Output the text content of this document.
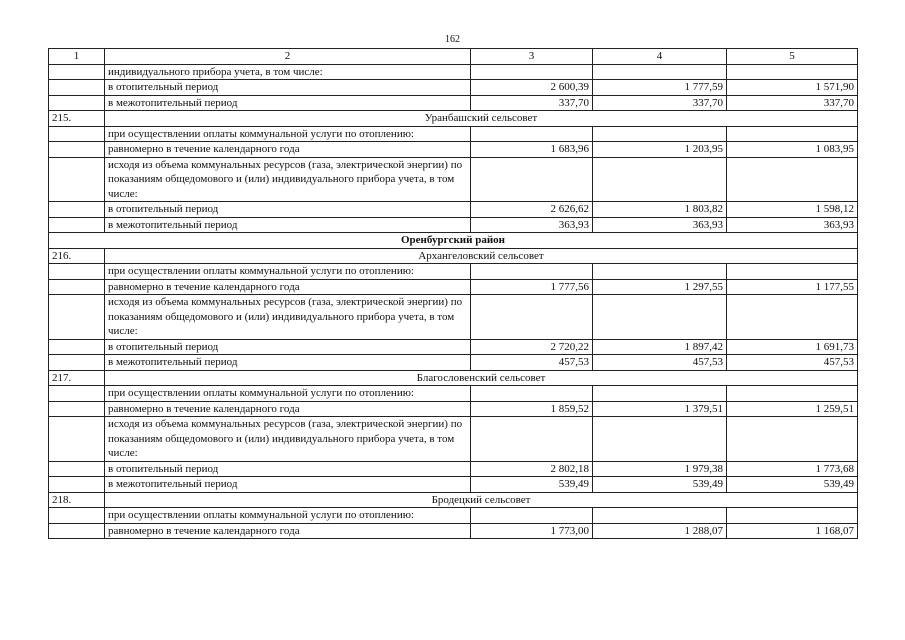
162
1	2	3	4	5
	индивидуального прибора учета, в том числе:			
	в отопительный период	2 600,39	1 777,59	1 571,90
	в межотопительный период	337,70	337,70	337,70
215.	Уранбашский сельсовет			
	при осуществлении оплаты коммунальной услуги по отоплению:			
	равномерно в течение календарного года	1 683,96	1 203,95	1 083,95
	исходя из объема коммунальных ресурсов (газа, электрической энергии) по показаниям общедомового и (или) индивидуального прибора учета, в том числе:			
	в отопительный период	2 626,62	1 803,82	1 598,12
	в межотопительный период	363,93	363,93	363,93
Оренбургский район				
216.	Архангеловский сельсовет			
	при осуществлении оплаты коммунальной услуги по отоплению:			
	равномерно в течение календарного года	1 777,56	1 297,55	1 177,55
	исходя из объема коммунальных ресурсов (газа, электрической энергии) по показаниям общедомового и (или) индивидуального прибора учета, в том числе:			
	в отопительный период	2 720,22	1 897,42	1 691,73
	в межотопительный период	457,53	457,53	457,53
217.	Благословенский сельсовет			
	при осуществлении оплаты коммунальной услуги по отоплению:			
	равномерно в течение календарного года	1 859,52	1 379,51	1 259,51
	исходя из объема коммунальных ресурсов (газа, электрической энергии) по показаниям общедомового и (или) индивидуального прибора учета, в том числе:			
	в отопительный период	2 802,18	1 979,38	1 773,68
	в межотопительный период	539,49	539,49	539,49
218.	Бродецкий сельсовет			
	при осуществлении оплаты коммунальной услуги по отоплению:			
	равномерно в течение календарного года	1 773,00	1 288,07	1 168,07
